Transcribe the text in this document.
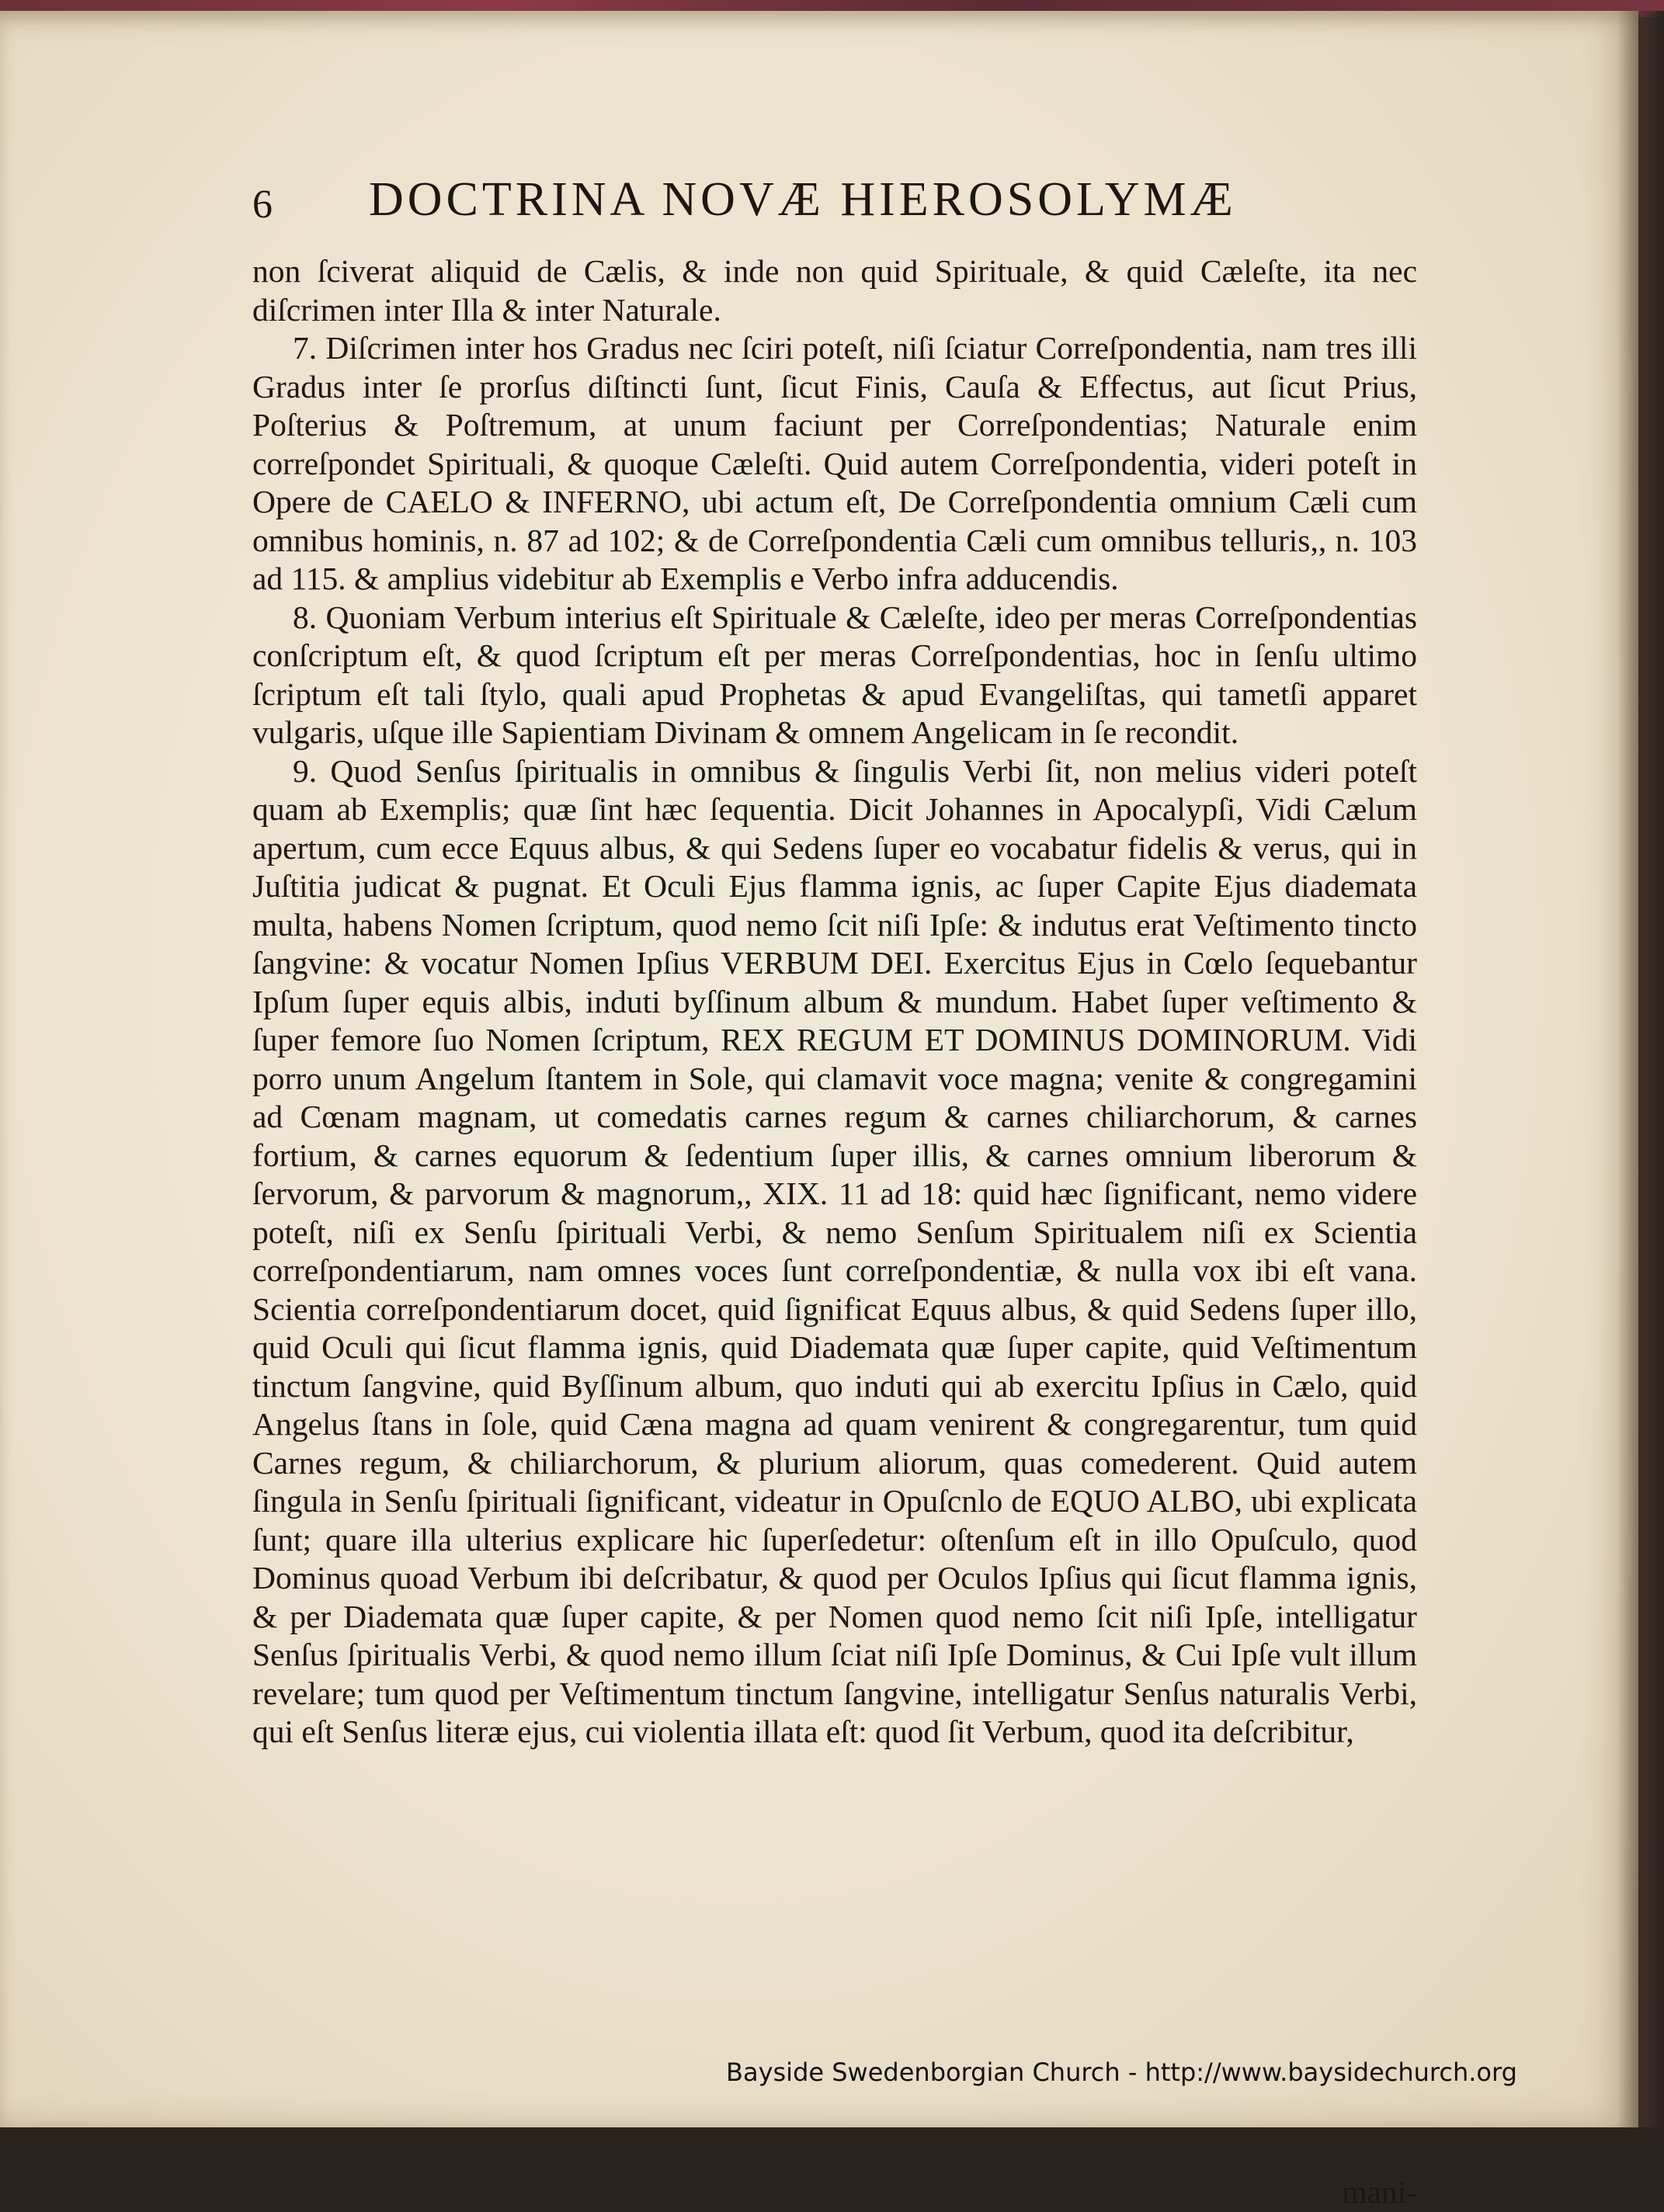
6 DOCTRINA NOVÆ HIEROSOLYMÆ

non ſciverat aliquid de Cælis, & inde non quid Spirituale, & quid Cæleſte, ita nec diſcrimen inter Illa & inter Naturale.

7. Diſcrimen inter hos Gradus nec ſciri poteſt, niſi ſciatur Correſpondentia, nam tres illi Gradus inter ſe prorſus diſtincti ſunt, ſicut Finis, Cauſa & Effectus, aut ſicut Prius, Poſterius & Poſtremum, at unum faciunt per Correſpondentias; Naturale enim correſpondet Spirituali, & quoque Cæleſti. Quid autem Correſpondentia, videri poteſt in Opere de CAELO & INFERNO, ubi actum eſt, De Correſpondentia omnium Cæli cum omnibus hominis, n. 87 ad 102; & de Correſpondentia Cæli cum omnibus telluris,, n. 103 ad 115. & amplius videbitur ab Exemplis e Verbo infra adducendis.

8. Quoniam Verbum interius eſt Spirituale & Cæleſte, ideo per meras Correſpondentias conſcriptum eſt, & quod ſcriptum eſt per meras Correſpondentias, hoc in ſenſu ultimo ſcriptum eſt tali ſtylo, quali apud Prophetas & apud Evangeliſtas, qui tametſi apparet vulgaris, uſque ille Sapientiam Divinam & omnem Angelicam in ſe recondit.

9. Quod Senſus ſpiritualis in omnibus & ſingulis Verbi ſit, non melius videri poteſt quam ab Exemplis; quæ ſint hæc ſequentia. Dicit Johannes in Apocalypſi, Vidi Cælum apertum, cum ecce Equus albus, & qui Sedens ſuper eo vocabatur fidelis & verus, qui in Juſtitia judicat & pugnat. Et Oculi Ejus flamma ignis, ac ſuper Capite Ejus diademata multa, habens Nomen ſcriptum, quod nemo ſcit niſi Ipſe: & indutus erat Veſtimento tincto ſangvine: & vocatur Nomen Ipſius VERBUM DEI. Exercitus Ejus in Cœlo ſequebantur Ipſum ſuper equis albis, induti byſſinum album & mundum. Habet ſuper veſtimento & ſuper femore ſuo Nomen ſcriptum, REX REGUM ET DOMINUS DOMINORUM. Vidi porro unum Angelum ſtantem in Sole, qui clamavit voce magna; venite & congregamini ad Cœnam magnam, ut comedatis carnes regum & carnes chiliarchorum, & carnes fortium, & carnes equorum & ſedentium ſuper illis, & carnes omnium liberorum & ſervorum, & parvorum & magnorum,, XIX. 11 ad 18: quid hæc ſignificant, nemo videre poteſt, niſi ex Senſu ſpirituali Verbi, & nemo Senſum Spiritualem niſi ex Scientia correſpondentiarum, nam omnes voces ſunt correſpondentiæ, & nulla vox ibi eſt vana. Scientia correſpondentiarum docet, quid ſignificat Equus albus, & quid Sedens ſuper illo, quid Oculi qui ſicut flamma ignis, quid Diademata quæ ſuper capite, quid Veſtimentum tinctum ſangvine, quid Byſſinum album, quo induti qui ab exercitu Ipſius in Cælo, quid Angelus ſtans in ſole, quid Cæna magna ad quam venirent & congregarentur, tum quid Carnes regum, & chiliarchorum, & plurium aliorum, quas comederent. Quid autem ſingula in Senſu ſpirituali ſignificant, videatur in Opuſcnlo de EQUO ALBO, ubi explicata ſunt; quare illa ulterius explicare hic ſuperſedetur: oſtenſum eſt in illo Opuſculo, quod Dominus quoad Verbum ibi deſcribatur, & quod per Oculos Ipſius qui ſicut flamma ignis, & per Diademata quæ ſuper capite, & per Nomen quod nemo ſcit niſi Ipſe, intelligatur Senſus ſpiritualis Verbi, & quod nemo illum ſciat niſi Ipſe Dominus, & Cui Ipſe vult illum revelare; tum quod per Veſtimentum tinctum ſangvine, intelligatur Senſus naturalis Verbi, qui eſt Senſus literæ ejus, cui violentia illata eſt: quod ſit Verbum, quod ita deſcribitur,

mani-
Bayside Swedenborgian Church - http://www.baysidechurch.org
